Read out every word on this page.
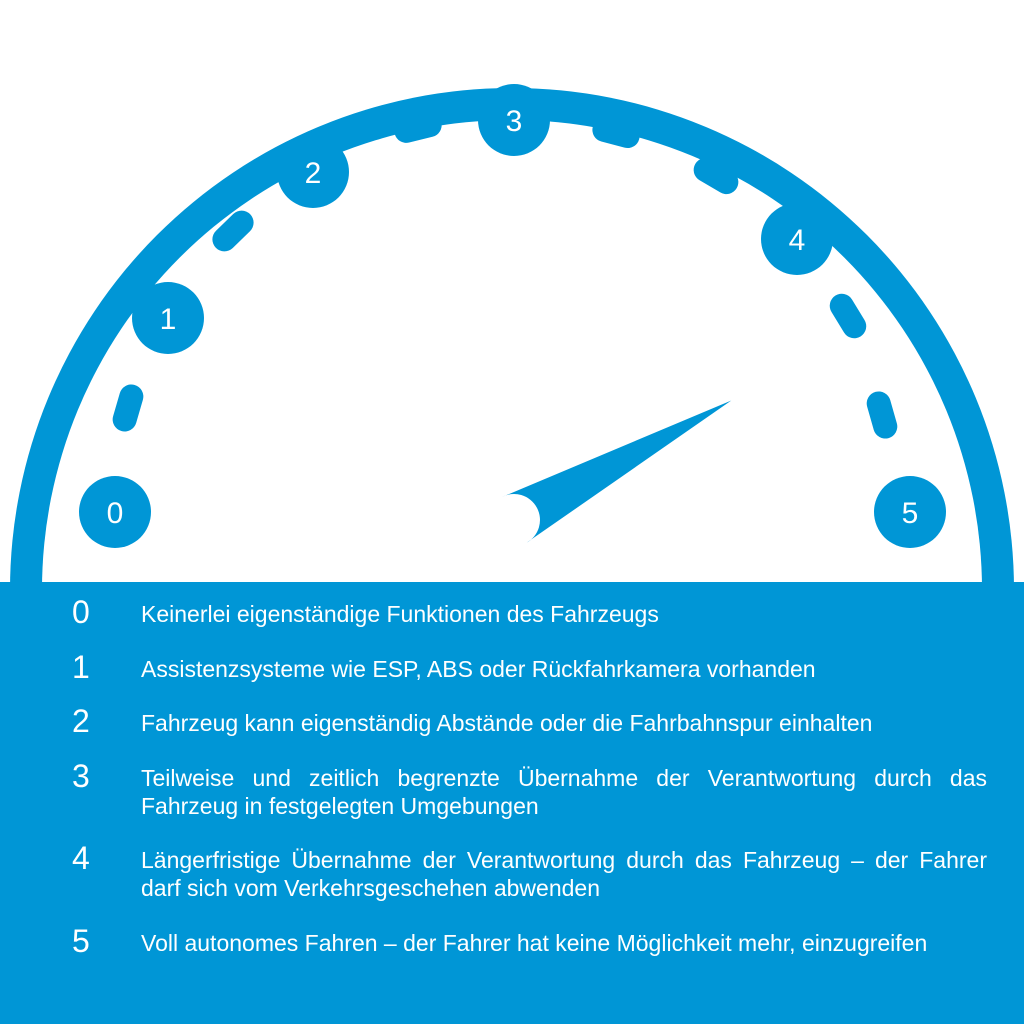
0
1
2
3
4
5
0 Keinerlei eigenständige Funktionen des Fahrzeugs
1 Assistenzsysteme wie ESP, ABS oder Rückfahrkamera vorhanden
2 Fahrzeug kann eigenständig Abstände oder die Fahrbahnspur einhalten
3 Teilweise und zeitlich begrenzte Übernahme der Verantwortung durch das Fahrzeug in festgelegten Umgebungen
4 Längerfristige Übernahme der Verantwortung durch das Fahrzeug – der Fahrer darf sich vom Verkehrsgeschehen abwenden
5 Voll autonomes Fahren – der Fahrer hat keine Möglichkeit mehr, einzugreifen
